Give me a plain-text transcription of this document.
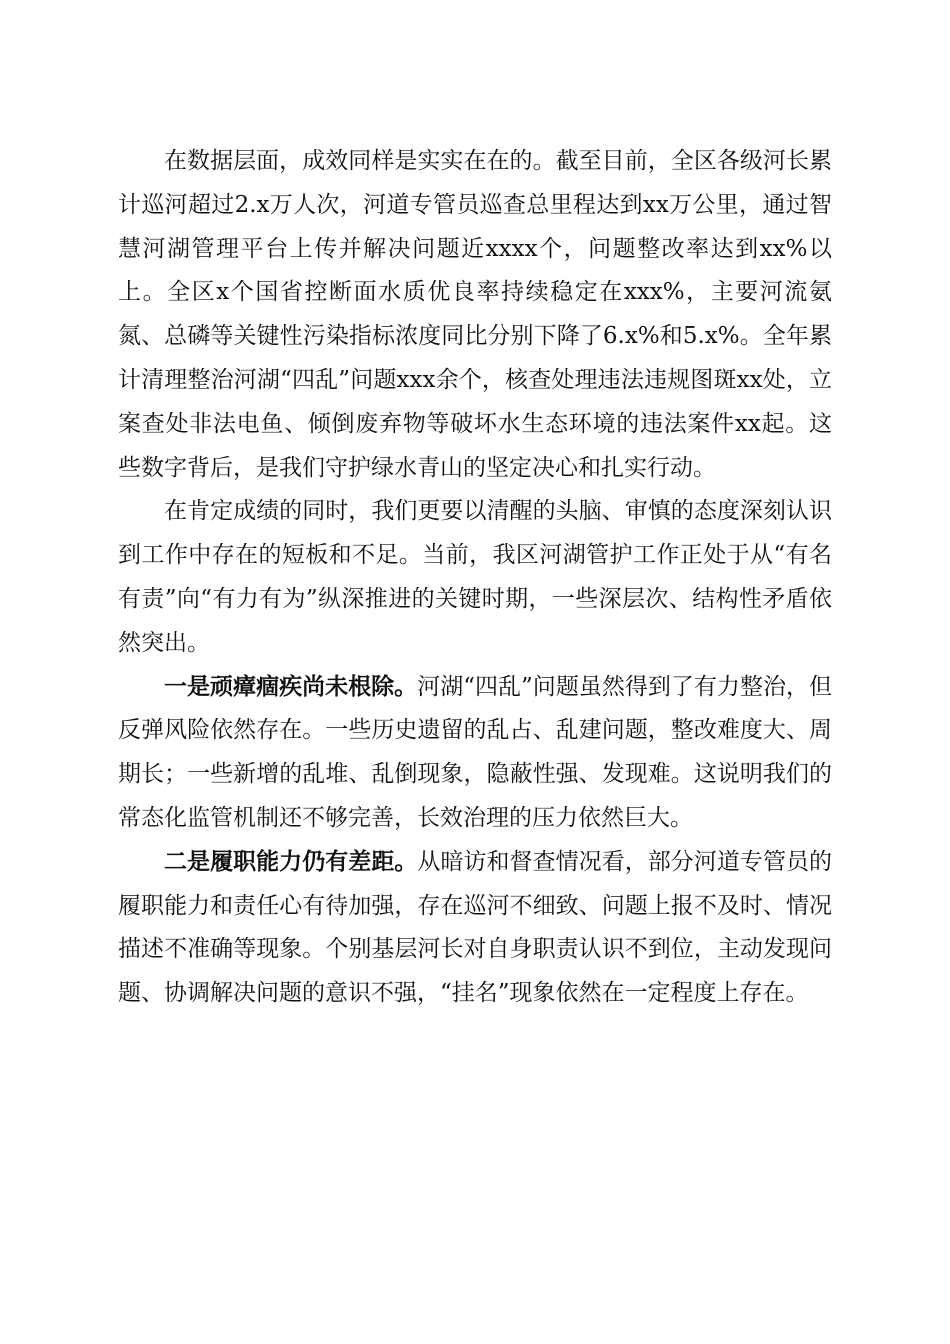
在数据层面，成效同样是实实在在的。截至目前，全区各级河长累计巡河超过2.x万人次，河道专管员巡查总里程达到xx万公里，通过智慧河湖管理平台上传并解决问题近xxxx个，问题整改率达到xx%以上。全区x个国省控断面水质优良率持续稳定在xxx%，主要河流氨氮、总磷等关键性污染指标浓度同比分别下降了6.x%和5.x%。全年累计清理整治河湖“四乱”问题xxx余个，核查处理违法违规图斑xx处，立案查处非法电鱼、倾倒废弃物等破坏水生态环境的违法案件xx起。这些数字背后，是我们守护绿水青山的坚定决心和扎实行动。

在肯定成绩的同时，我们更要以清醒的头脑、审慎的态度深刻认识到工作中存在的短板和不足。当前，我区河湖管护工作正处于从“有名有责”向“有力有为”纵深推进的关键时期，一些深层次、结构性矛盾依然突出。

一是顽瘴痼疾尚未根除。河湖“四乱”问题虽然得到了有力整治，但反弹风险依然存在。一些历史遗留的乱占、乱建问题，整改难度大、周期长；一些新增的乱堆、乱倒现象，隐蔽性强、发现难。这说明我们的常态化监管机制还不够完善，长效治理的压力依然巨大。

二是履职能力仍有差距。从暗访和督查情况看，部分河道专管员的履职能力和责任心有待加强，存在巡河不细致、问题上报不及时、情况描述不准确等现象。个别基层河长对自身职责认识不到位，主动发现问题、协调解决问题的意识不强，“挂名”现象依然在一定程度上存在。
